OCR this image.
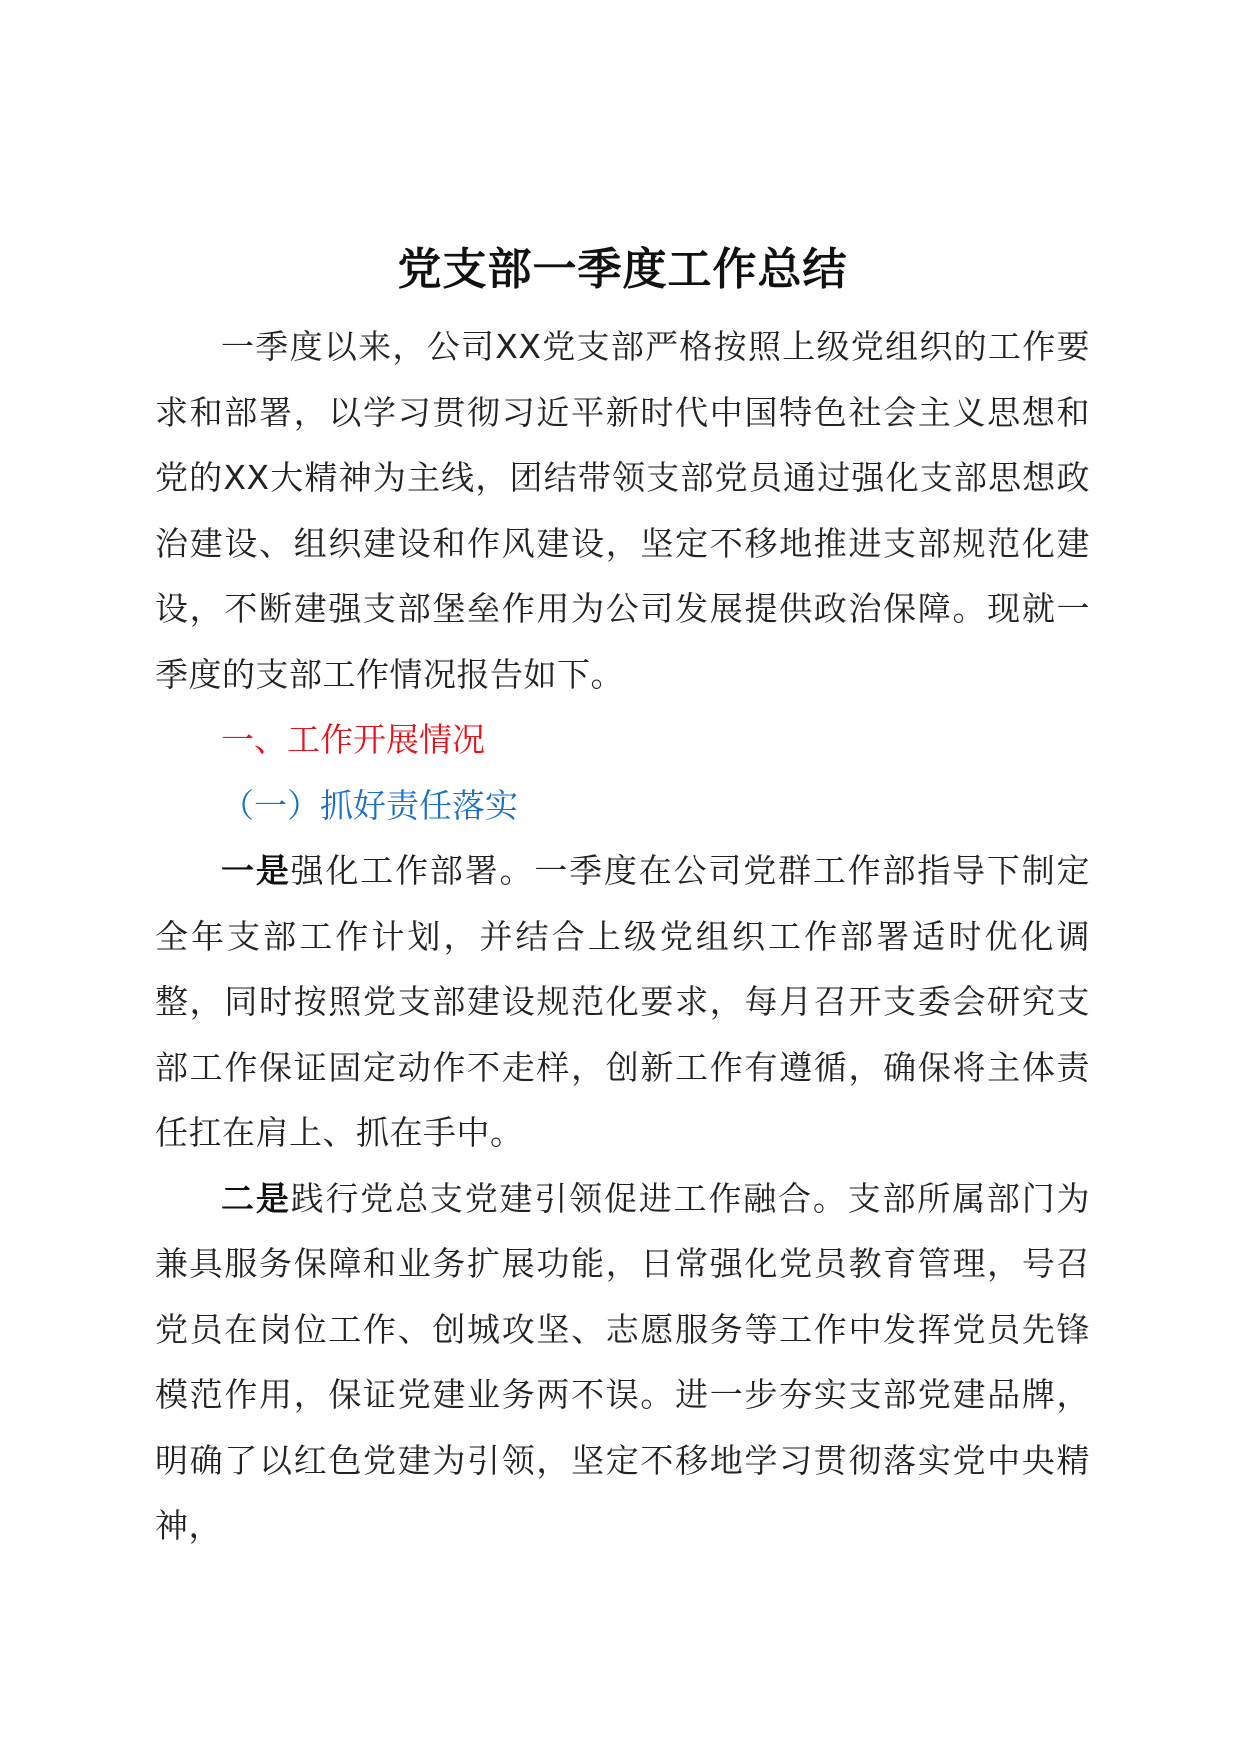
党支部一季度工作总结

一季度以来，公司XX党支部严格按照上级党组织的工作要求和部署，以学习贯彻习近平新时代中国特色社会主义思想和党的XX大精神为主线，团结带领支部党员通过强化支部思想政治建设、组织建设和作风建设，坚定不移地推进支部规范化建设，不断建强支部堡垒作用为公司发展提供政治保障。现就一季度的支部工作情况报告如下。

一、工作开展情况

（一）抓好责任落实

一是强化工作部署。一季度在公司党群工作部指导下制定全年支部工作计划，并结合上级党组织工作部署适时优化调整，同时按照党支部建设规范化要求，每月召开支委会研究支部工作保证固定动作不走样，创新工作有遵循，确保将主体责任扛在肩上、抓在手中。

二是践行党总支党建引领促进工作融合。支部所属部门为兼具服务保障和业务扩展功能，日常强化党员教育管理，号召党员在岗位工作、创城攻坚、志愿服务等工作中发挥党员先锋模范作用，保证党建业务两不误。进一步夯实支部党建品牌，明确了以红色党建为引领，坚定不移地学习贯彻落实党中央精神，
